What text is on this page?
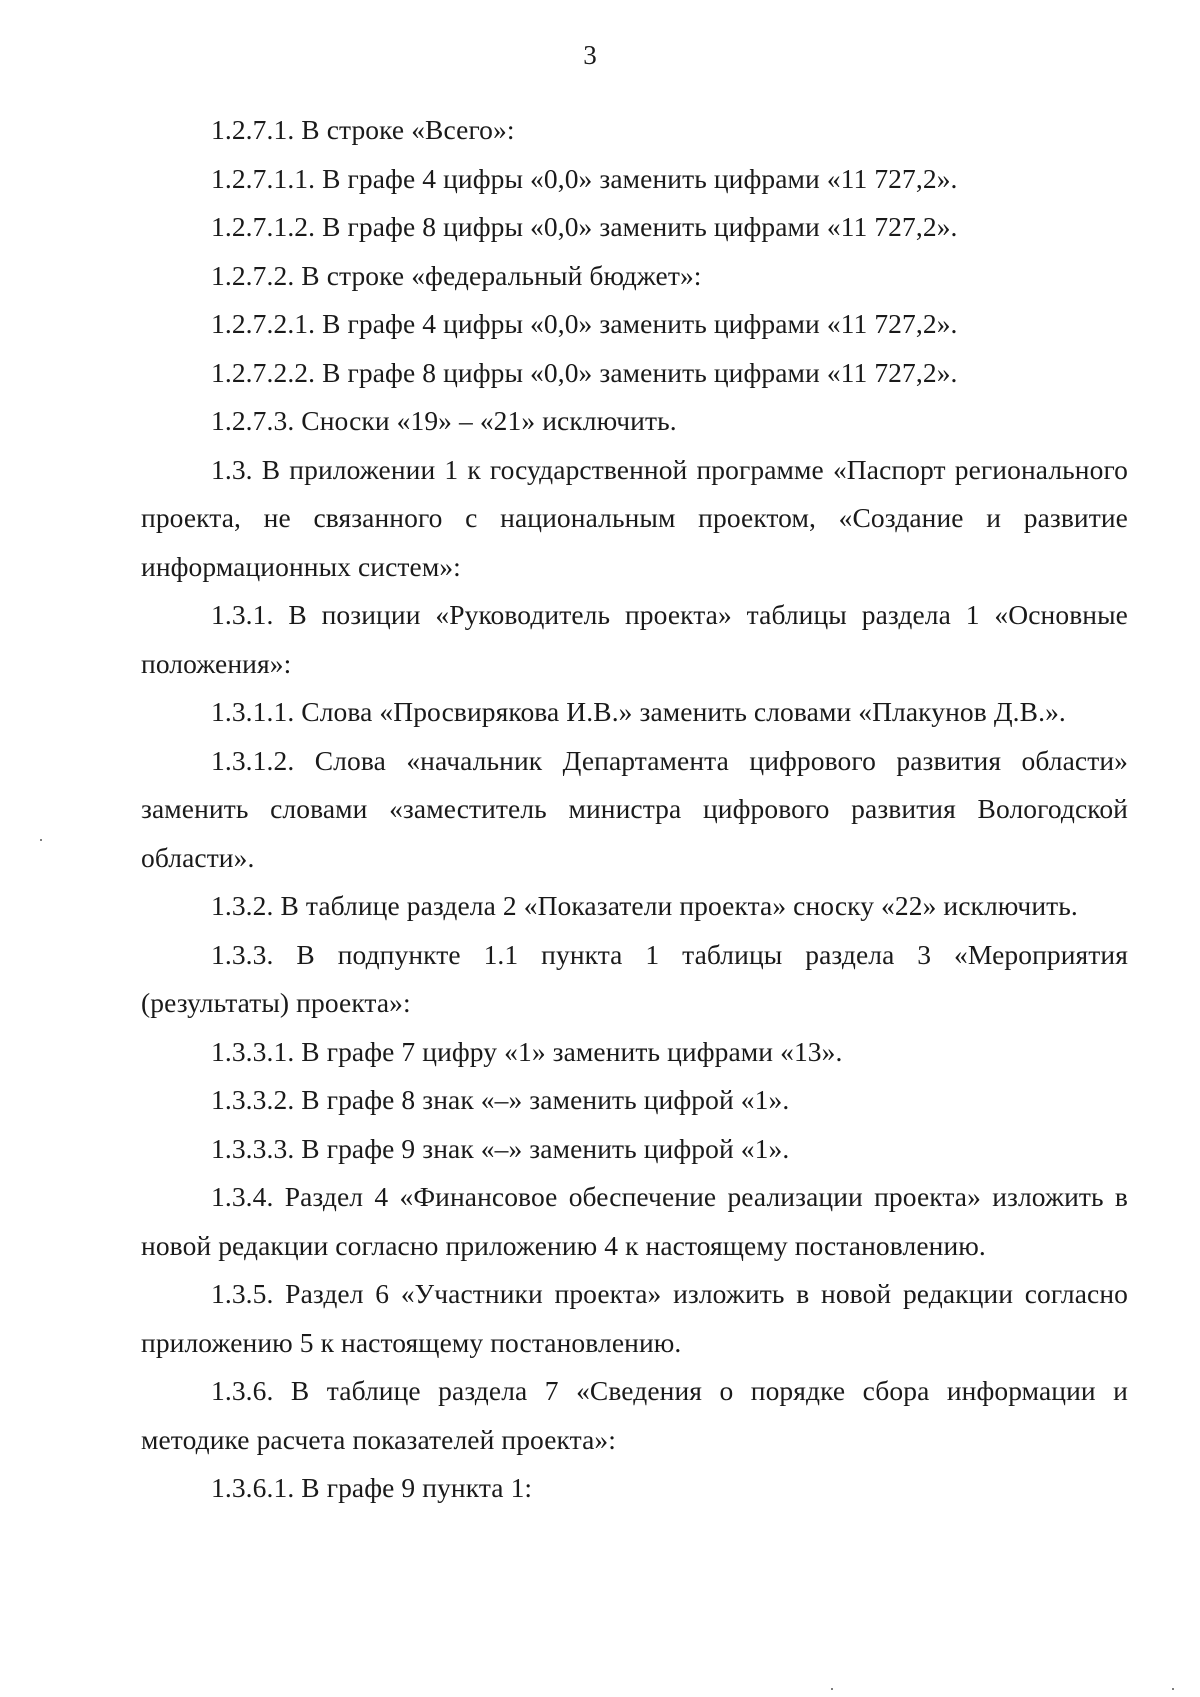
3

1.2.7.1. В строке «Всего»:

1.2.7.1.1. В графе 4 цифры «0,0» заменить цифрами «11 727,2».

1.2.7.1.2. В графе 8 цифры «0,0» заменить цифрами «11 727,2».

1.2.7.2. В строке «федеральный бюджет»:

1.2.7.2.1. В графе 4 цифры «0,0» заменить цифрами «11 727,2».

1.2.7.2.2. В графе 8 цифры «0,0» заменить цифрами «11 727,2».

1.2.7.3. Сноски «19» – «21» исключить.

1.3. В приложении 1 к государственной программе «Паспорт регионального проекта, не связанного с национальным проектом, «Создание и развитие информационных систем»:

1.3.1. В позиции «Руководитель проекта» таблицы раздела 1 «Основные положения»:

1.3.1.1. Слова «Просвирякова И.В.» заменить словами «Плакунов Д.В.».

1.3.1.2. Слова «начальник Департамента цифрового развития области» заменить словами «заместитель министра цифрового развития Вологодской области».

1.3.2. В таблице раздела 2 «Показатели проекта» сноску «22» исключить.

1.3.3. В подпункте 1.1 пункта 1 таблицы раздела 3 «Мероприятия (результаты) проекта»:

1.3.3.1. В графе 7 цифру «1» заменить цифрами «13».

1.3.3.2. В графе 8 знак «–» заменить цифрой «1».

1.3.3.3. В графе 9 знак «–» заменить цифрой «1».

1.3.4. Раздел 4 «Финансовое обеспечение реализации проекта» изложить в новой редакции согласно приложению 4 к настоящему постановлению.

1.3.5. Раздел 6 «Участники проекта» изложить в новой редакции согласно приложению 5 к настоящему постановлению.

1.3.6. В таблице раздела 7 «Сведения о порядке сбора информации и методике расчета показателей проекта»:

1.3.6.1. В графе 9 пункта 1:
